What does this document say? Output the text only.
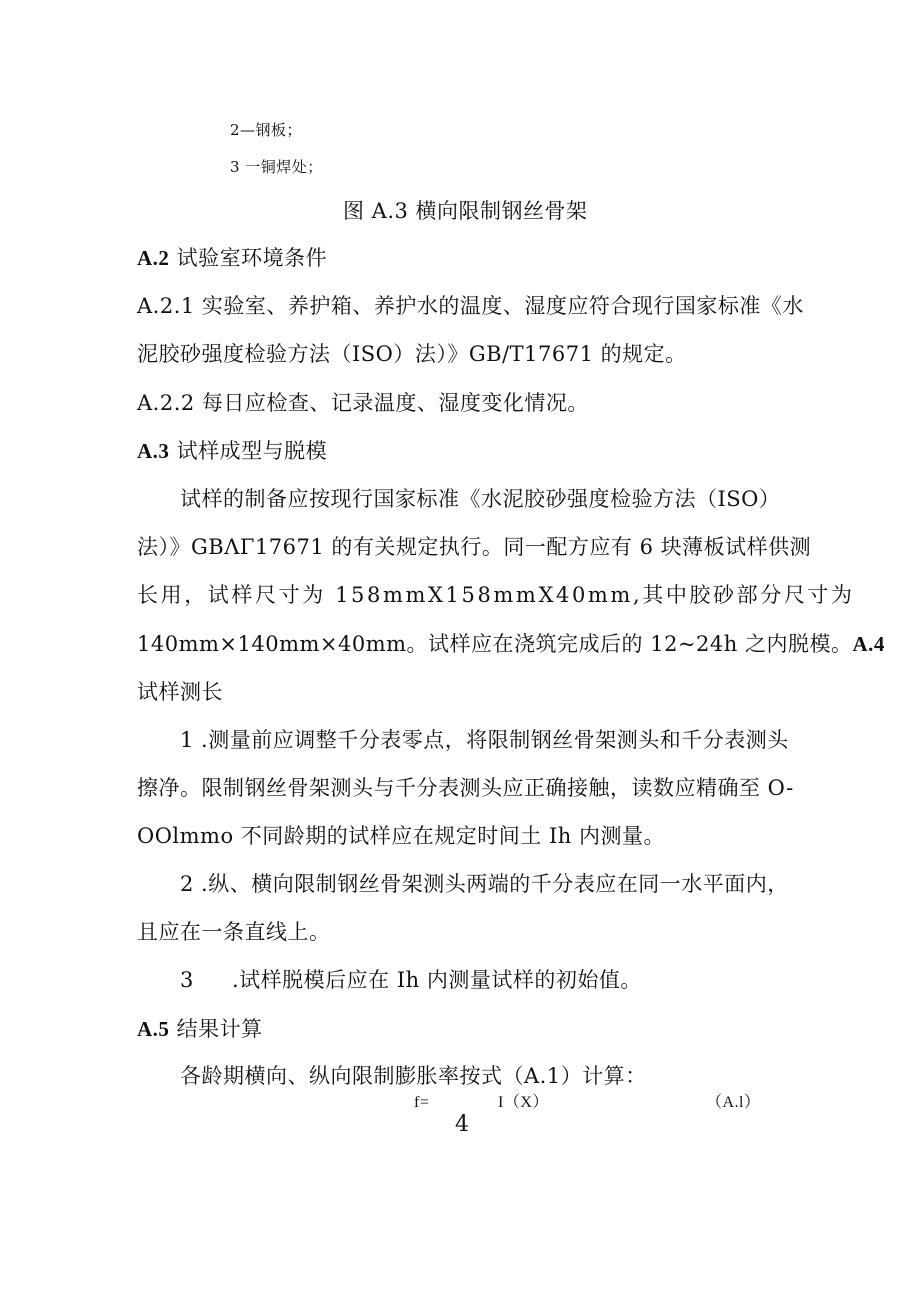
2—钢板；
3 一铜焊处；
图 A.3 横向限制钢丝骨架
A.2 试验室环境条件
A.2.1 实验室、养护箱、养护水的温度、湿度应符合现行国家标准《水
泥胶砂强度检验方法（ISO）法）》GB/T17671 的规定。
A.2.2 每日应检查、记录温度、湿度变化情况。
A.3 试样成型与脱模
试样的制备应按现行国家标准《水泥胶砂强度检验方法（ISO）
法）》GBΛΓ17671 的有关规定执行。同一配方应有 6 块薄板试样供测
长用，试样尺寸为 158mmX158mmX40mm,其中胶砂部分尺寸为
140mm×140mm×40mm。试样应在浇筑完成后的 12~24h 之内脱模。A.4
试样测长
1 .测量前应调整千分表零点，将限制钢丝骨架测头和千分表测头
擦净。限制钢丝骨架测头与千分表测头应正确接触，读数应精确至 O-
OOlmmo 不同龄期的试样应在规定时间土 Ih 内测量。
2 .纵、横向限制钢丝骨架测头两端的千分表应在同一水平面内，
且应在一条直线上。
3 .试样脱模后应在 Ih 内测量试样的初始值。
A.5 结果计算
各龄期横向、纵向限制膨胀率按式（A.1）计算：
f=	I（X）	（A.l）
4
